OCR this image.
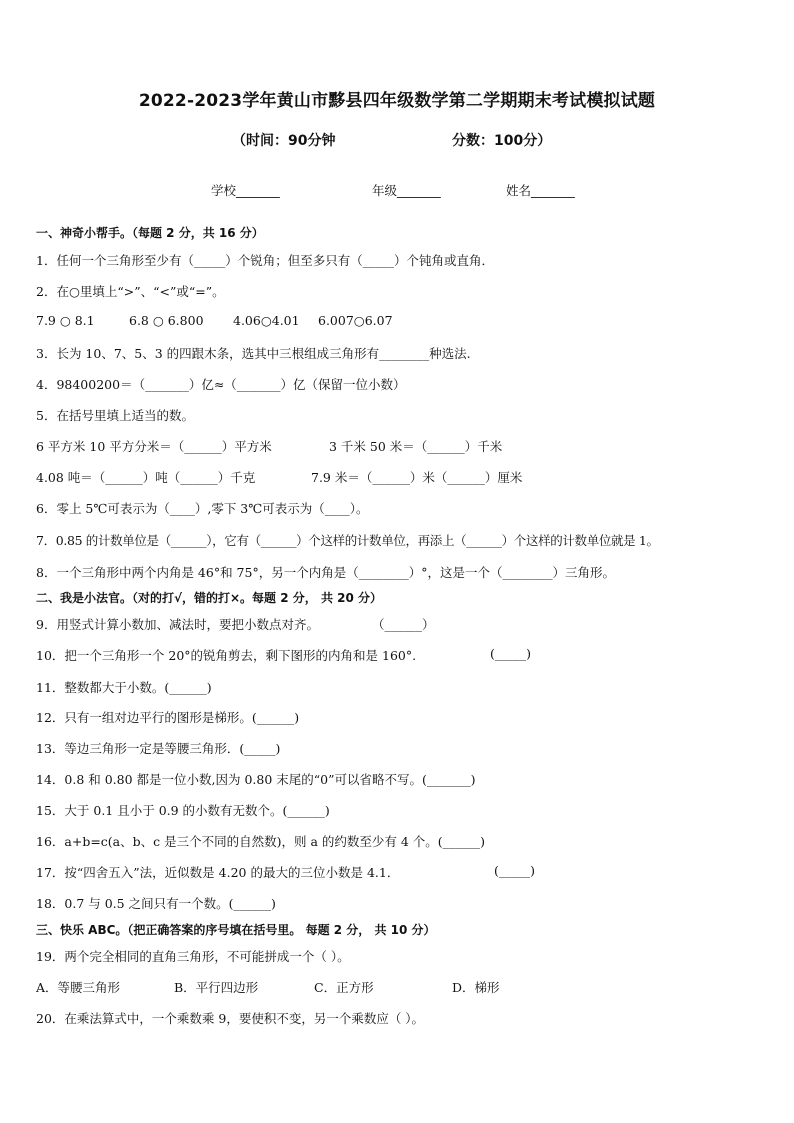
2022-2023学年黄山市黟县四年级数学第二学期期末考试模拟试题
（时间：90分钟	分数：100分）
学校_______	年级_______	姓名_______
一、神奇小帮手。（每题 2 分，共 16 分）
1．任何一个三角形至少有（_____）个锐角；但至多只有（_____）个钝角或直角．
2．在○里填上“>”、“<”或“=”。
7.9 ○ 8.1	6.8 ○ 6.800 4.06○4.01 6.007○6.07
3．长为 10、7、5、3 的四跟木条，选其中三根组成三角形有________种选法.
4．98400200＝（_______）亿≈（_______）亿（保留一位小数）
5．在括号里填上适当的数。
6 平方米 10 平方分米＝（______）平方米	3 千米 50 米＝（______）千米
4.08 吨＝（______）吨（______）千克	7.9 米＝（______）米（______）厘米
6．零上 5℃可表示为（____）,零下 3℃可表示为（____）。
7．0.85 的计数单位是（______），它有（______）个这样的计数单位，再添上（______）个这样的计数单位就是 1。
8．一个三角形中两个内角是 46°和 75°，另一个内角是（________）°，这是一个（________）三角形。
二、我是小法官。（对的打√，错的打×。每题 2 分， 共 20 分）
9．用竖式计算小数加、减法时，要把小数点对齐。	（______）
10．把一个三角形一个 20°的锐角剪去，剩下图形的内角和是 160°.	(_____)
11．整数都大于小数。(______)
12．只有一组对边平行的图形是梯形。(______)
13．等边三角形一定是等腰三角形．(_____)
14．0.8 和 0.80 都是一位小数,因为 0.80 末尾的“0”可以省略不写。(_______)
15．大于 0.1 且小于 0.9 的小数有无数个。(______)
16．a+b=c(a、b、c 是三个不同的自然数)，则 a 的约数至少有 4 个。(______)
17．按“四舍五入”法，近似数是 4.20 的最大的三位小数是 4.1．	(_____)
18．0.7 与 0.5 之间只有一个数。(______)
三、快乐 ABC。（把正确答案的序号填在括号里。 每题 2 分， 共 10 分）
19．两个完全相同的直角三角形，不可能拼成一个（ ）。
A．等腰三角形	B．平行四边形	C．正方形	D．梯形
20．在乘法算式中，一个乘数乘 9，要使积不变，另一个乘数应（ ）。
